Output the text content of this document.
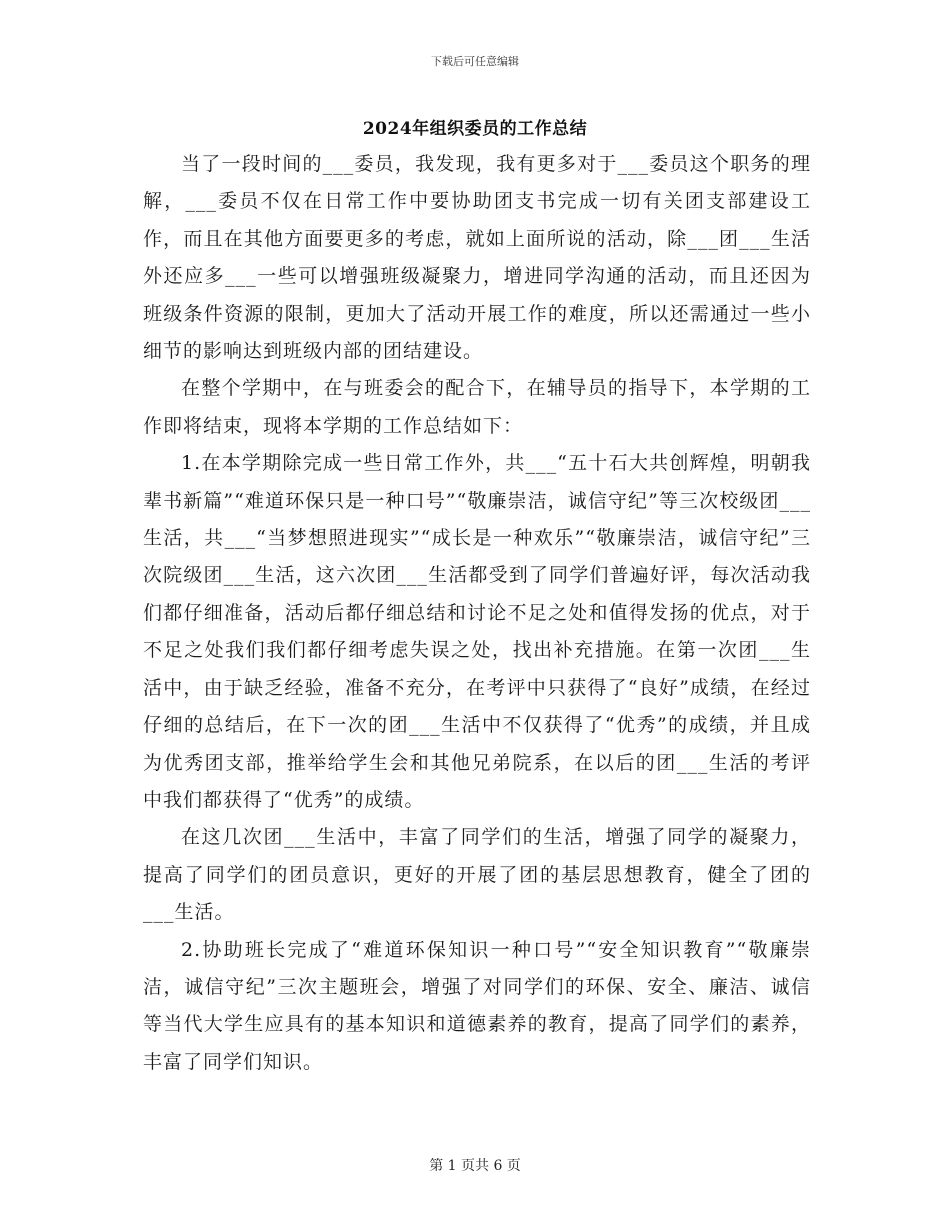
下载后可任意编辑
2024年组织委员的工作总结

当了一段时间的___委员，我发现，我有更多对于___委员这个职务的理解，___委员不仅在日常工作中要协助团支书完成一切有关团支部建设工作，而且在其他方面要更多的考虑，就如上面所说的活动，除___团___生活外还应多___一些可以增强班级凝聚力，增进同学沟通的活动，而且还因为班级条件资源的限制，更加大了活动开展工作的难度，所以还需通过一些小细节的影响达到班级内部的团结建设。

在整个学期中，在与班委会的配合下，在辅导员的指导下，本学期的工作即将结束，现将本学期的工作总结如下：

1.在本学期除完成一些日常工作外，共___“五十石大共创辉煌，明朝我辈书新篇”“难道环保只是一种口号”“敬廉崇洁，诚信守纪”等三次校级团___生活，共___“当梦想照进现实”“成长是一种欢乐”“敬廉崇洁，诚信守纪”三次院级团___生活，这六次团___生活都受到了同学们普遍好评，每次活动我们都仔细准备，活动后都仔细总结和讨论不足之处和值得发扬的优点，对于不足之处我们我们都仔细考虑失误之处，找出补充措施。在第一次团___生活中，由于缺乏经验，准备不充分，在考评中只获得了“良好”成绩，在经过仔细的总结后，在下一次的团___生活中不仅获得了“优秀”的成绩，并且成为优秀团支部，推举给学生会和其他兄弟院系，在以后的团___生活的考评中我们都获得了“优秀”的成绩。

在这几次团___生活中，丰富了同学们的生活，增强了同学的凝聚力，提高了同学们的团员意识，更好的开展了团的基层思想教育，健全了团的___生活。

2.协助班长完成了“难道环保知识一种口号”“安全知识教育”“敬廉崇洁，诚信守纪”三次主题班会，增强了对同学们的环保、安全、廉洁、诚信等当代大学生应具有的基本知识和道德素养的教育，提高了同学们的素养，丰富了同学们知识。

第 1 页共 6 页
